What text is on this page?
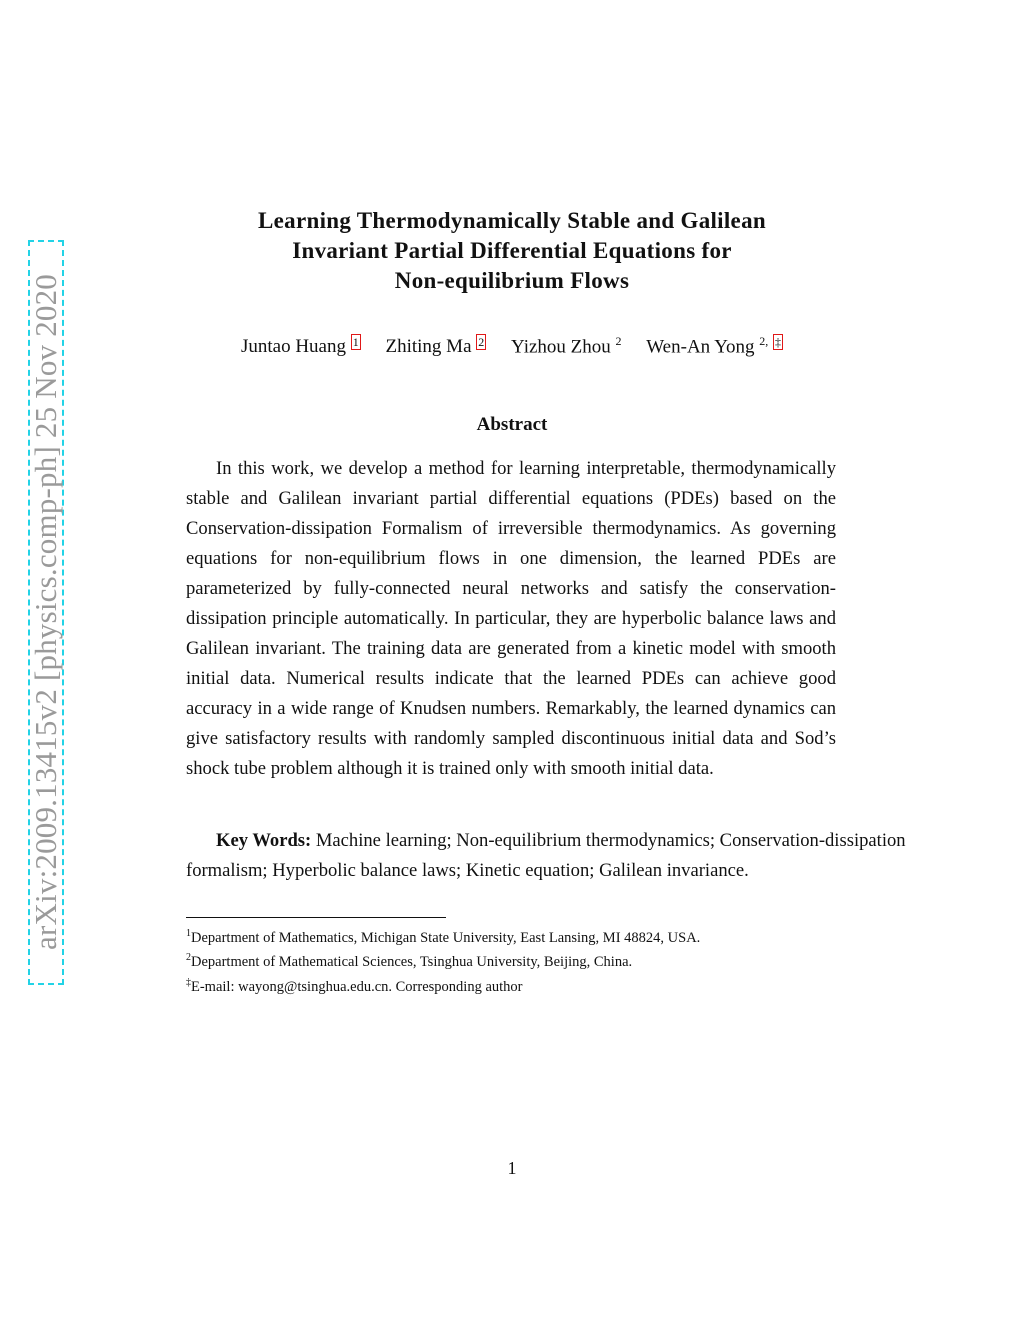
arXiv:2009.13415v2 [physics.comp-ph] 25 Nov 2020
Learning Thermodynamically Stable and Galilean
Invariant Partial Differential Equations for
Non-equilibrium Flows
Juntao Huang 1 Zhiting Ma 2 Yizhou Zhou $^2$ Wen-An Yong $^{2,}$ ‡
Abstract
In this work, we develop a method for learning interpretable, thermodynamically stable and Galilean invariant partial differential equations (PDEs) based on the Conservation-dissipation Formalism of irreversible thermodynamics. As governing equations for non-equilibrium flows in one dimension, the learned PDEs are parameterized by fully-connected neural networks and satisfy the conservation-dissipation principle automatically. In particular, they are hyperbolic balance laws and Galilean invariant. The training data are generated from a kinetic model with smooth initial data. Numerical results indicate that the learned PDEs can achieve good accuracy in a wide range of Knudsen numbers. Remarkably, the learned dynamics can give satisfactory results with randomly sampled discontinuous initial data and Sod’s shock tube problem although it is trained only with smooth initial data.
Key Words: Machine learning; Non-equilibrium thermodynamics; Conservation-dissipation formalism; Hyperbolic balance laws; Kinetic equation; Galilean invariance.
$^1$Department of Mathematics, Michigan State University, East Lansing, MI 48824, USA.
$^2$Department of Mathematical Sciences, Tsinghua University, Beijing, China.
‡E-mail: wayong@tsinghua.edu.cn. Corresponding author
1
